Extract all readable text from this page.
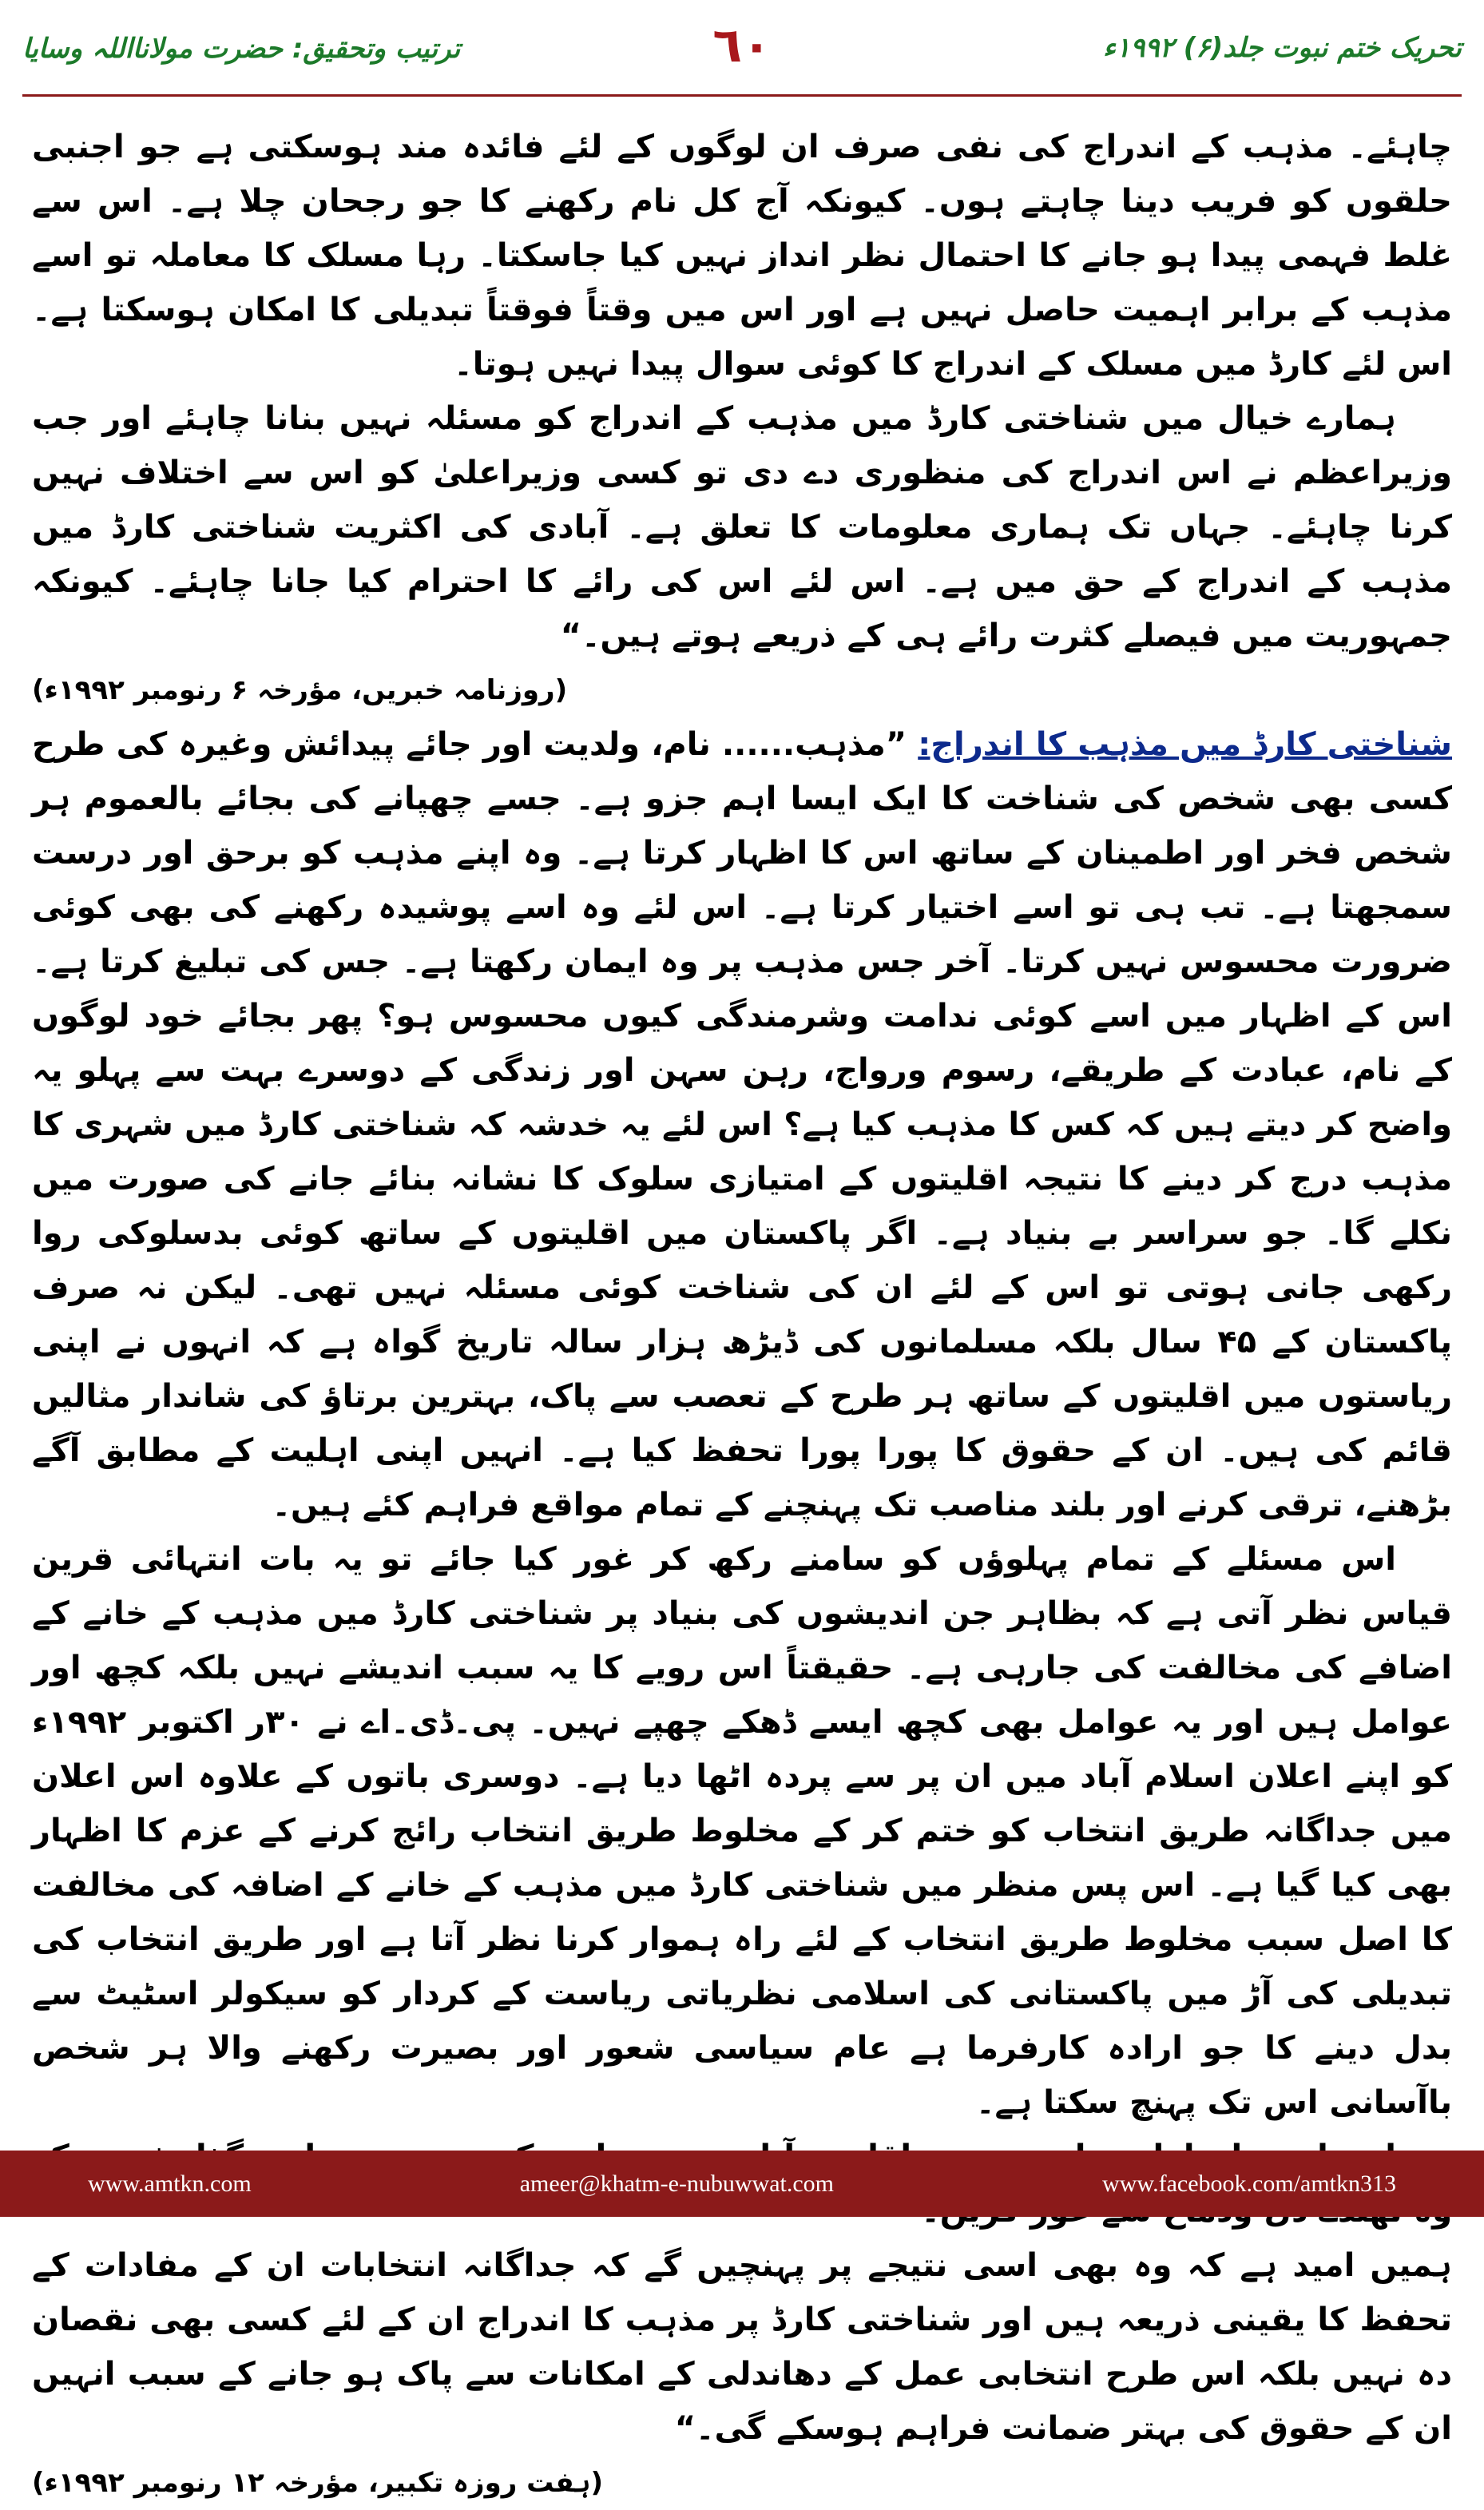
تحریک ختم نبوت جلد(۶) ۱۹۹۲ء
٦٠
ترتیب وتحقیق: حضرت مولانااللہ وسایا

چاہئے۔ مذہب کے اندراج کی نفی صرف ان لوگوں کے لئے فائدہ مند ہوسکتی ہے جو اجنبی حلقوں کو فریب دینا چاہتے ہوں۔ کیونکہ آج کل نام رکھنے کا جو رجحان چلا ہے۔ اس سے غلط فہمی پیدا ہو جانے کا احتمال نظر انداز نہیں کیا جاسکتا۔ رہا مسلک کا معاملہ تو اسے مذہب کے برابر اہمیت حاصل نہیں ہے اور اس میں وقتاً فوقتاً تبدیلی کا امکان ہوسکتا ہے۔ اس لئے کارڈ میں مسلک کے اندراج کا کوئی سوال پیدا نہیں ہوتا۔

ہمارے خیال میں شناختی کارڈ میں مذہب کے اندراج کو مسئلہ نہیں بنانا چاہئے اور جب وزیراعظم نے اس اندراج کی منظوری دے دی تو کسی وزیراعلیٰ کو اس سے اختلاف نہیں کرنا چاہئے۔ جہاں تک ہماری معلومات کا تعلق ہے۔ آبادی کی اکثریت شناختی کارڈ میں مذہب کے اندراج کے حق میں ہے۔ اس لئے اس کی رائے کا احترام کیا جانا چاہئے۔ کیونکہ جمہوریت میں فیصلے کثرت رائے ہی کے ذریعے ہوتے ہیں۔“

(روزنامہ خبریں، مؤرخہ ۶ رنومبر ۱۹۹۲ء)

شناختی کارڈ میں مذہب کا اندراج: ”مذہب...... نام، ولدیت اور جائے پیدائش وغیرہ کی طرح کسی بھی شخص کی شناخت کا ایک ایسا اہم جزو ہے۔ جسے چھپانے کی بجائے بالعموم ہر شخص فخر اور اطمینان کے ساتھ اس کا اظہار کرتا ہے۔ وہ اپنے مذہب کو برحق اور درست سمجھتا ہے۔ تب ہی تو اسے اختیار کرتا ہے۔ اس لئے وہ اسے پوشیدہ رکھنے کی بھی کوئی ضرورت محسوس نہیں کرتا۔ آخر جس مذہب پر وہ ایمان رکھتا ہے۔ جس کی تبلیغ کرتا ہے۔ اس کے اظہار میں اسے کوئی ندامت وشرمندگی کیوں محسوس ہو؟ پھر بجائے خود لوگوں کے نام، عبادت کے طریقے، رسوم ورواج، رہن سہن اور زندگی کے دوسرے بہت سے پہلو یہ واضح کر دیتے ہیں کہ کس کا مذہب کیا ہے؟ اس لئے یہ خدشہ کہ شناختی کارڈ میں شہری کا مذہب درج کر دینے کا نتیجہ اقلیتوں کے امتیازی سلوک کا نشانہ بنائے جانے کی صورت میں نکلے گا۔ جو سراسر بے بنیاد ہے۔ اگر پاکستان میں اقلیتوں کے ساتھ کوئی بدسلوکی روا رکھی جانی ہوتی تو اس کے لئے ان کی شناخت کوئی مسئلہ نہیں تھی۔ لیکن نہ صرف پاکستان کے ۴۵ سال بلکہ مسلمانوں کی ڈیڑھ ہزار سالہ تاریخ گواہ ہے کہ انہوں نے اپنی ریاستوں میں اقلیتوں کے ساتھ ہر طرح کے تعصب سے پاک، بہترین برتاؤ کی شاندار مثالیں قائم کی ہیں۔ ان کے حقوق کا پورا پورا تحفظ کیا ہے۔ انہیں اپنی اہلیت کے مطابق آگے بڑھنے، ترقی کرنے اور بلند مناصب تک پہنچنے کے تمام مواقع فراہم کئے ہیں۔

اس مسئلے کے تمام پہلوؤں کو سامنے رکھ کر غور کیا جائے تو یہ بات انتہائی قرین قیاس نظر آتی ہے کہ بظاہر جن اندیشوں کی بنیاد پر شناختی کارڈ میں مذہب کے خانے کے اضافے کی مخالفت کی جارہی ہے۔ حقیقتاً اس رویے کا یہ سبب اندیشے نہیں بلکہ کچھ اور عوامل ہیں اور یہ عوامل بھی کچھ ایسے ڈھکے چھپے نہیں۔ پی۔ڈی۔اے نے ۳۰ر اکتوبر ۱۹۹۲ء کو اپنے اعلان اسلام آباد میں ان پر سے پردہ اٹھا دیا ہے۔ دوسری باتوں کے علاوہ اس اعلان میں جداگانہ طریق انتخاب کو ختم کر کے مخلوط طریق انتخاب رائج کرنے کے عزم کا اظہار بھی کیا گیا ہے۔ اس پس منظر میں شناختی کارڈ میں مذہب کے خانے کے اضافہ کی مخالفت کا اصل سبب مخلوط طریق انتخاب کے لئے راہ ہموار کرنا نظر آتا ہے اور طریق انتخاب کی تبدیلی کی آڑ میں پاکستانی کی اسلامی نظریاتی ریاست کے کردار کو سیکولر اسٹیٹ سے بدل دینے کا جو ارادہ کارفرما ہے عام سیاسی شعور اور بصیرت رکھنے والا ہر شخص باآسانی اس تک پہنچ سکتا ہے۔

ہمیں امید ہے کہ وہ بھی اسی نتیجے پر پہنچیں گے کہ جداگانہ انتخابات ان کے مفادات کے تحفظ کا یقینی ذریعہ ہیں اور شناختی کارڈ پر مذہب کا اندراج ان کے لئے کسی بھی نقصان دہ نہیں بلکہ اس طرح انتخابی عمل کے دھاندلی کے امکانات سے پاک ہو جانے کے سبب انہیں ان کے حقوق کی بہتر ضمانت فراہم ہوسکے گی۔“

(ہفت روزہ تکبیر، مؤرخہ ۱۲ رنومبر ۱۹۹۲ء)

www.amtkn.com	ameer@khatm-e-nubuwwat.com	www.facebook.com/amtkn313
